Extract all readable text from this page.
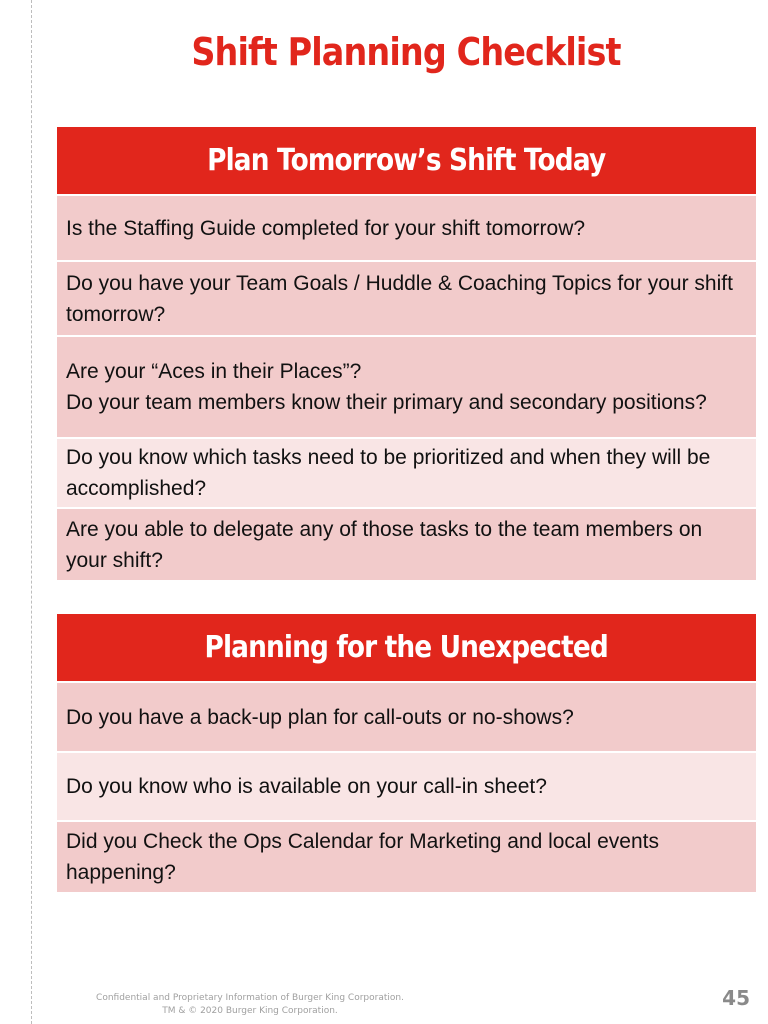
Shift Planning Checklist
Plan Tomorrow’s Shift Today
Is the Staffing Guide completed for your shift tomorrow?
Do you have your Team Goals / Huddle & Coaching Topics for your shift tomorrow?
Are your “Aces in their Places”?
Do your team members know their primary and secondary positions?
Do you know which tasks need to be prioritized and when they will be accomplished?
Are you able to delegate any of those tasks to the team members on your shift?
Planning for the Unexpected
Do you have a back-up plan for call-outs or no-shows?
Do you know who is available on your call-in sheet?
Did you Check the Ops Calendar for Marketing and local events happening?
Confidential and Proprietary Information of Burger King Corporation.
TM & © 2020 Burger King Corporation.
45
